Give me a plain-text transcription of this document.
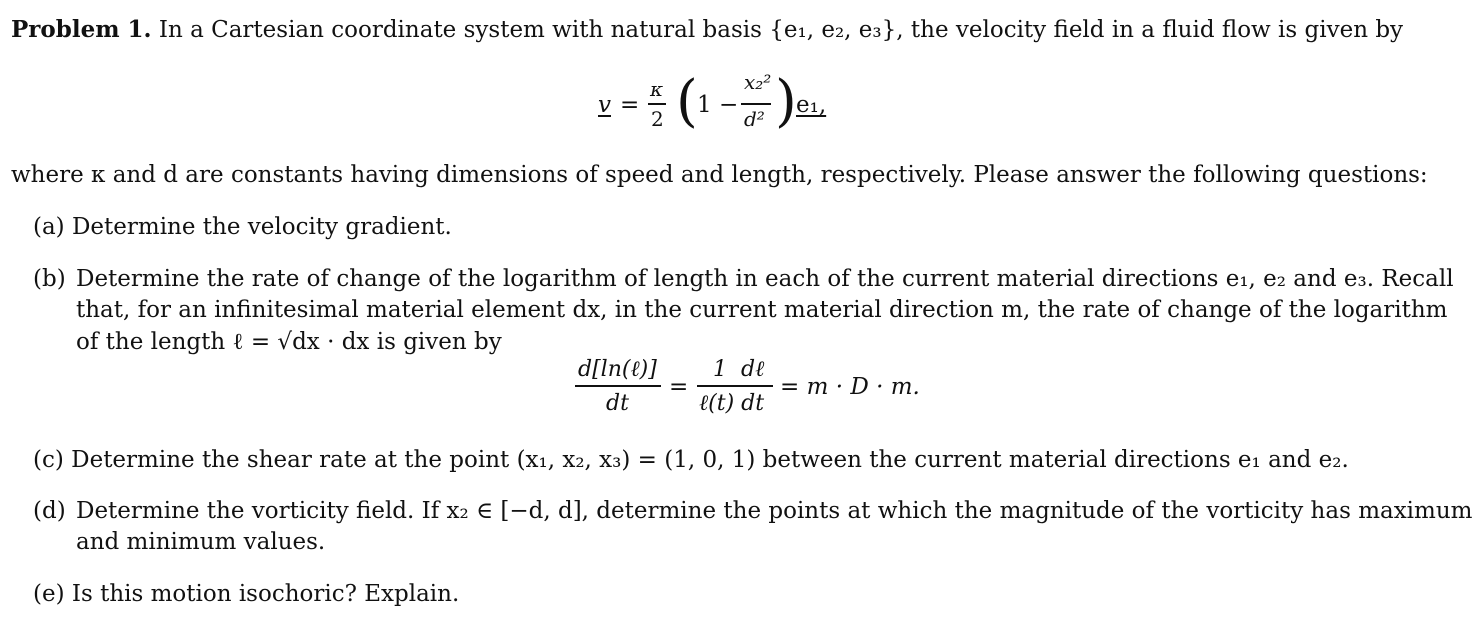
Problem 1. In a Cartesian coordinate system with natural basis {e₁, e₂, e₃}, the velocity field in a fluid flow is given by
v =
κ
2 ( 1 −
x₂²
d² ) e₁,
where κ and d are constants having dimensions of speed and length, respectively. Please answer the following questions:
(a) Determine the velocity gradient.
(b) Determine the rate of change of the logarithm of length in each of the current material directions e₁, e₂ and e₃. Recall
that, for an infinitesimal material element dx, in the current material direction m, the rate of change of the logarithm
of the length ℓ = √dx · dx is given by
d[ln(ℓ)]
dt
=
1  dℓ
ℓ(t) dt
= m · D · m.
(c) Determine the shear rate at the point (x₁, x₂, x₃) = (1, 0, 1) between the current material directions e₁ and e₂.
(d) Determine the vorticity field. If x₂ ∈ [−d, d], determine the points at which the magnitude of the vorticity has maximum
and minimum values.
(e) Is this motion isochoric? Explain.
